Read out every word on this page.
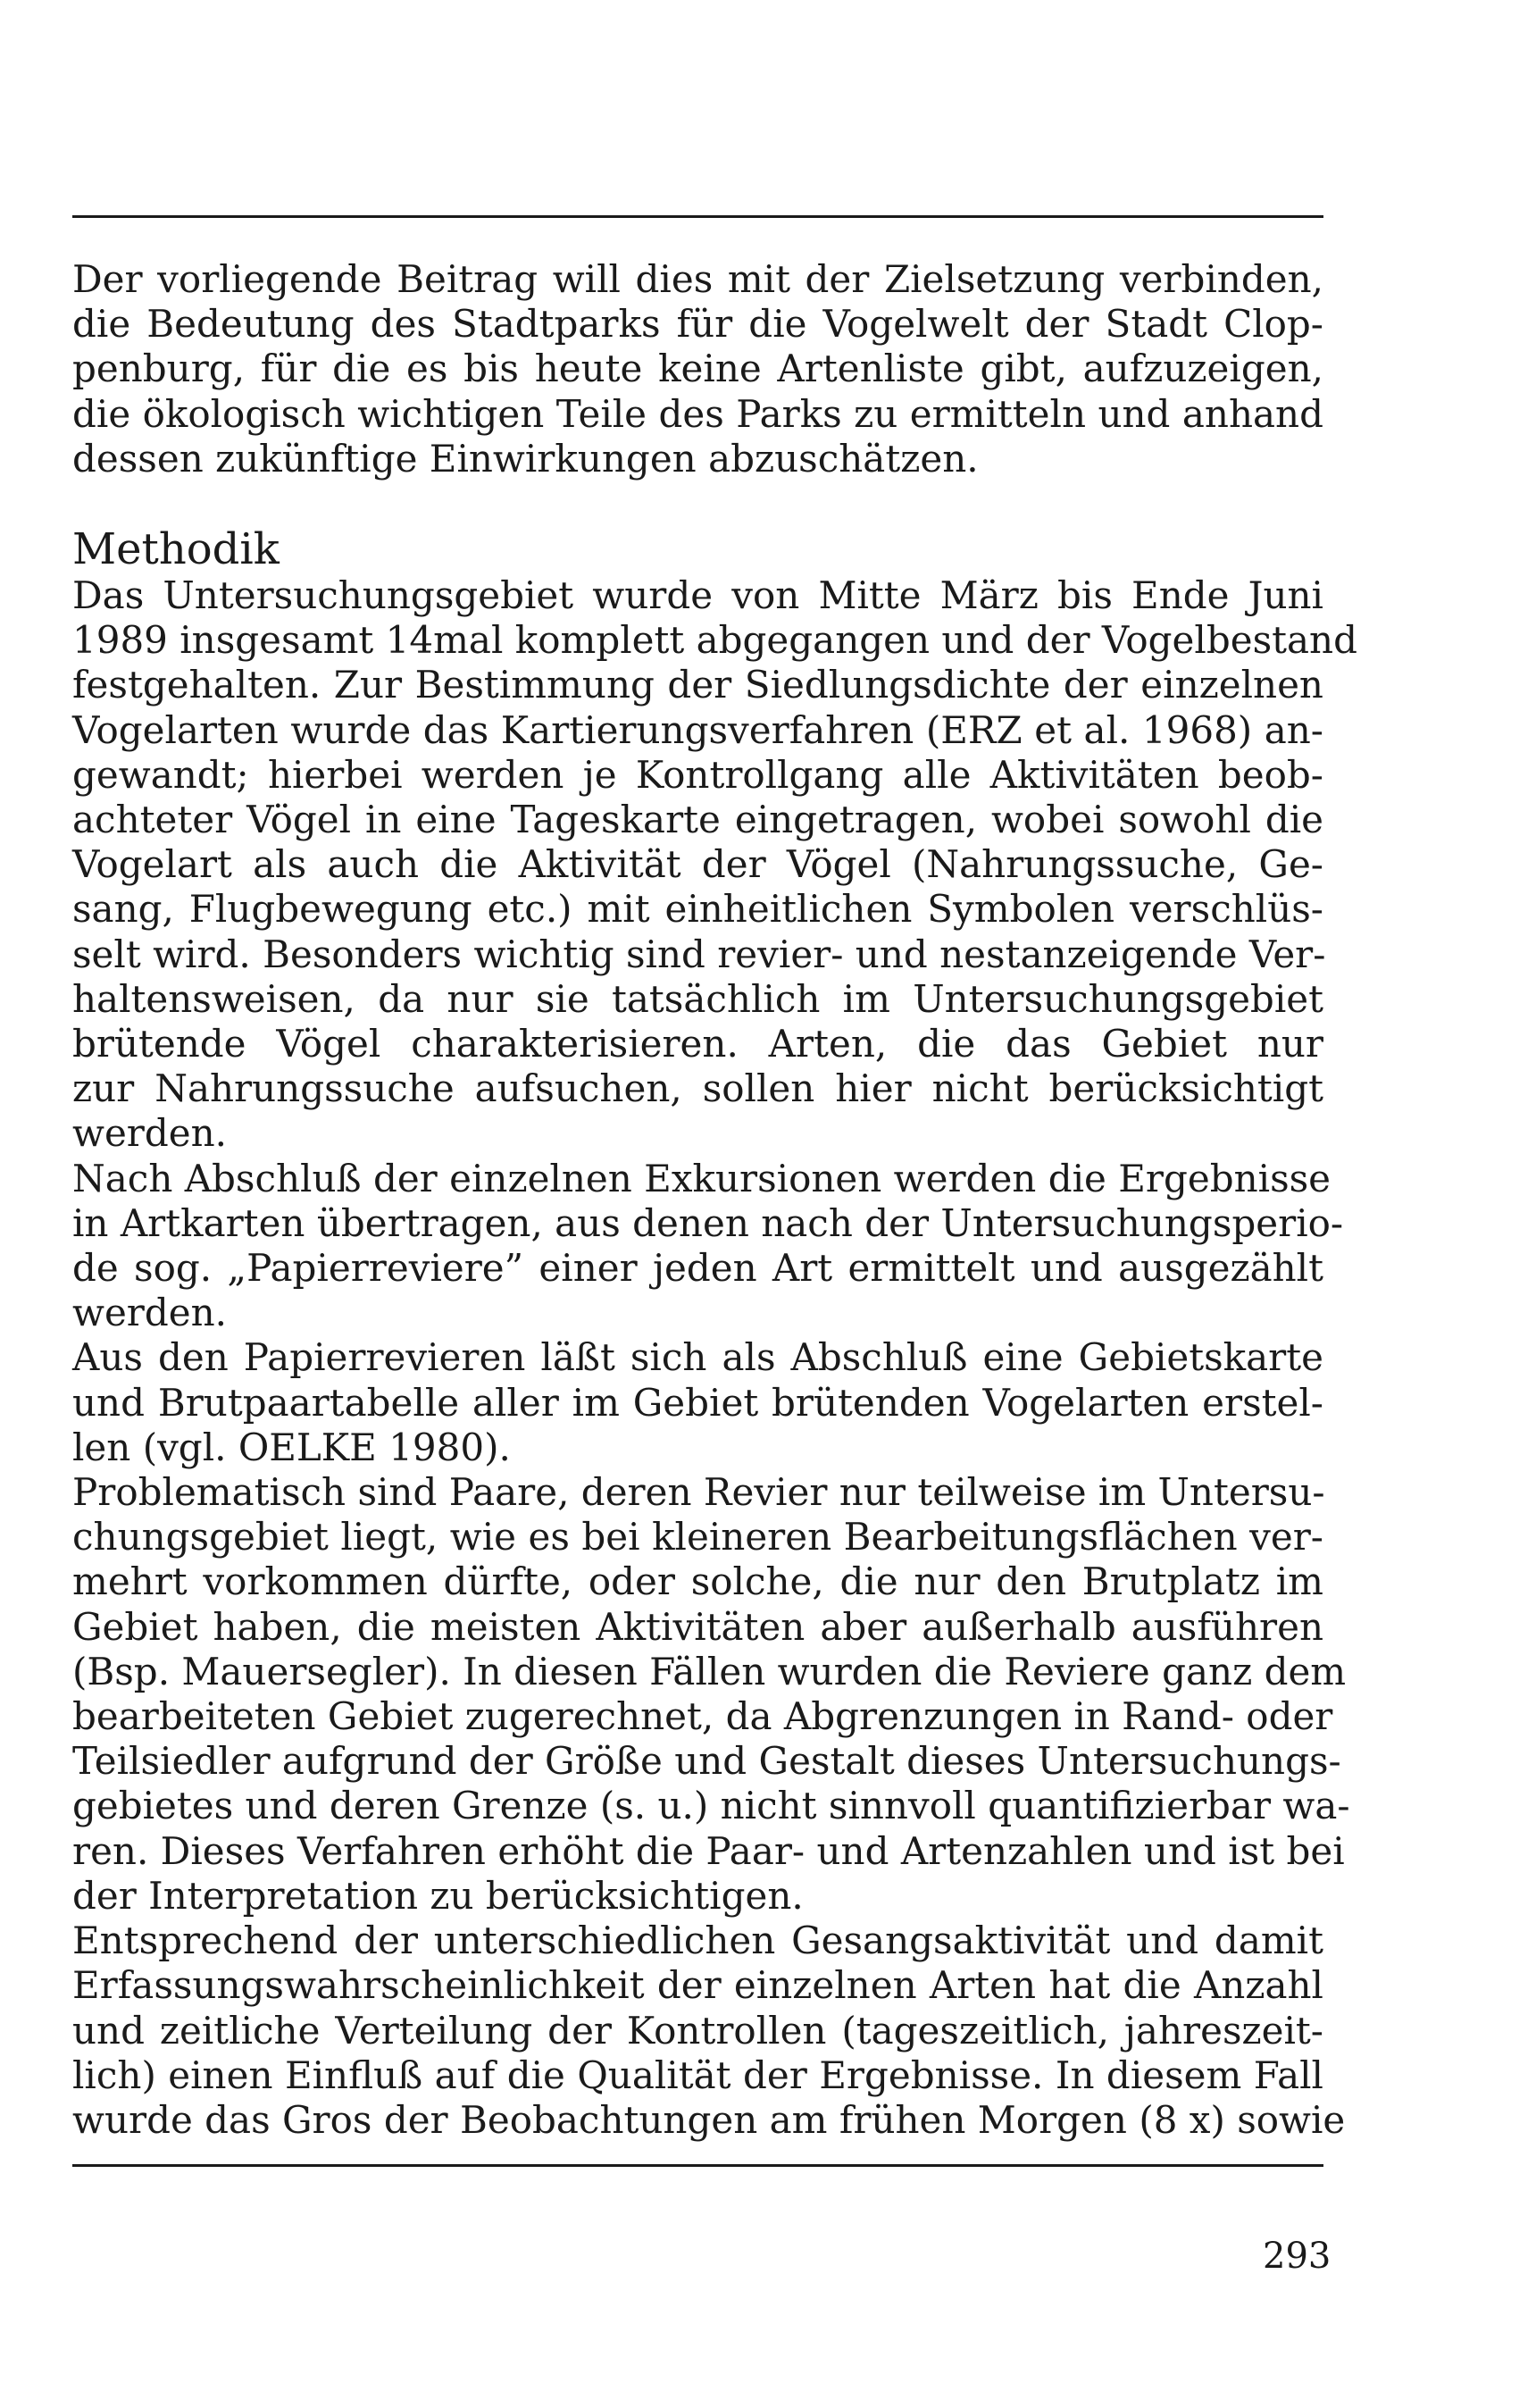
Der vorliegende Beitrag will dies mit der Zielsetzung verbinden,
die Bedeutung des Stadtparks für die Vogelwelt der Stadt Clop-
penburg, für die es bis heute keine Artenliste gibt, aufzuzeigen,
die ökologisch wichtigen Teile des Parks zu ermitteln und anhand
dessen zukünftige Einwirkungen abzuschätzen.

Methodik

Das Untersuchungsgebiet wurde von Mitte März bis Ende Juni
1989 insgesamt 14mal komplett abgegangen und der Vogelbestand
festgehalten. Zur Bestimmung der Siedlungsdichte der einzelnen
Vogelarten wurde das Kartierungsverfahren (ERZ et al. 1968) an-
gewandt; hierbei werden je Kontrollgang alle Aktivitäten beob-
achteter Vögel in eine Tageskarte eingetragen, wobei sowohl die
Vogelart als auch die Aktivität der Vögel (Nahrungssuche, Ge-
sang, Flugbewegung etc.) mit einheitlichen Symbolen verschlüs-
selt wird. Besonders wichtig sind revier- und nestanzeigende Ver-
haltensweisen, da nur sie tatsächlich im Untersuchungsgebiet
brütende Vögel charakterisieren. Arten, die das Gebiet nur
zur Nahrungssuche aufsuchen, sollen hier nicht berücksichtigt
werden.

Nach Abschluß der einzelnen Exkursionen werden die Ergebnisse
in Artkarten übertragen, aus denen nach der Untersuchungsperio-
de sog. „Papierreviere” einer jeden Art ermittelt und ausgezählt
werden.

Aus den Papierrevieren läßt sich als Abschluß eine Gebietskarte
und Brutpaartabelle aller im Gebiet brütenden Vogelarten erstel-
len (vgl. OELKE 1980).

Problematisch sind Paare, deren Revier nur teilweise im Untersu-
chungsgebiet liegt, wie es bei kleineren Bearbeitungsflächen ver-
mehrt vorkommen dürfte, oder solche, die nur den Brutplatz im
Gebiet haben, die meisten Aktivitäten aber außerhalb ausführen
(Bsp. Mauersegler). In diesen Fällen wurden die Reviere ganz dem
bearbeiteten Gebiet zugerechnet, da Abgrenzungen in Rand- oder
Teilsiedler aufgrund der Größe und Gestalt dieses Untersuchungs-
gebietes und deren Grenze (s. u.) nicht sinnvoll quantifizierbar wa-
ren. Dieses Verfahren erhöht die Paar- und Artenzahlen und ist bei
der Interpretation zu berücksichtigen.

Entsprechend der unterschiedlichen Gesangsaktivität und damit
Erfassungswahrscheinlichkeit der einzelnen Arten hat die Anzahl
und zeitliche Verteilung der Kontrollen (tageszeitlich, jahreszeit-
lich) einen Einfluß auf die Qualität der Ergebnisse. In diesem Fall
wurde das Gros der Beobachtungen am frühen Morgen (8 x) sowie

293
